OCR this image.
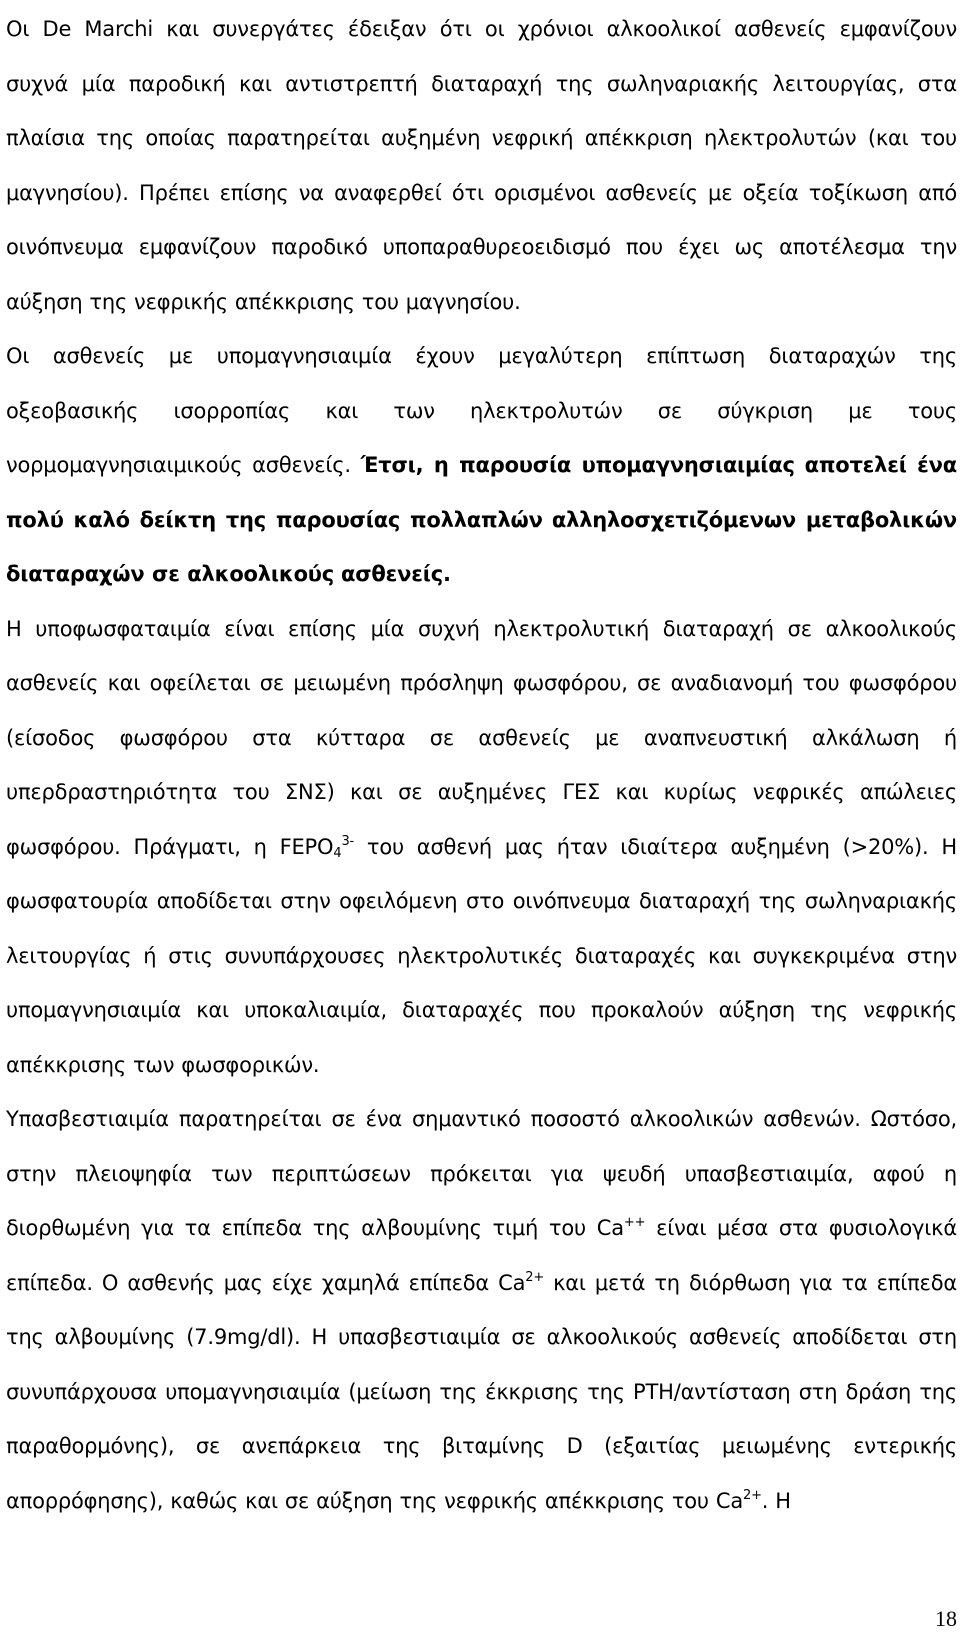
Οι De Marchi και συνεργάτες έδειξαν ότι οι χρόνιοι αλκοολικοί ασθενείς εμφανίζουν συχνά μία παροδική και αντιστρεπτή διαταραχή της σωληναριακής λειτουργίας, στα πλαίσια της οποίας παρατηρείται αυξημένη νεφρική απέκκριση ηλεκτρολυτών (και του μαγνησίου). Πρέπει επίσης να αναφερθεί ότι ορισμένοι ασθενείς με οξεία τοξίκωση από οινόπνευμα εμφανίζουν παροδικό υποπαραθυρεοειδισμό που έχει ως αποτέλεσμα την αύξηση της νεφρικής απέκκρισης του μαγνησίου.

Οι ασθενείς με υπομαγνησιαιμία έχουν μεγαλύτερη επίπτωση διαταραχών της οξεοβασικής ισορροπίας και των ηλεκτρολυτών σε σύγκριση με τους νορμομαγνησιαιμικούς ασθενείς. Έτσι, η παρουσία υπομαγνησιαιμίας αποτελεί ένα πολύ καλό δείκτη της παρουσίας πολλαπλών αλληλοσχετιζόμενων μεταβολικών διαταραχών σε αλκοολικούς ασθενείς.

Η υποφωσφαταιμία είναι επίσης μία συχνή ηλεκτρολυτική διαταραχή σε αλκοολικούς ασθενείς και οφείλεται σε μειωμένη πρόσληψη φωσφόρου, σε αναδιανομή του φωσφόρου (είσοδος φωσφόρου στα κύτταρα σε ασθενείς με αναπνευστική αλκάλωση ή υπερδραστηριότητα του ΣΝΣ) και σε αυξημένες ΓΕΣ και κυρίως νεφρικές απώλειες φωσφόρου. Πράγματι, η $FEPO_4^{3-}$ του ασθενή μας ήταν ιδιαίτερα αυξημένη (>20%). Η φωσφατουρία αποδίδεται στην οφειλόμενη στο οινόπνευμα διαταραχή της σωληναριακής λειτουργίας ή στις συνυπάρχουσες ηλεκτρολυτικές διαταραχές και συγκεκριμένα στην υπομαγνησιαιμία και υποκαλιαιμία, διαταραχές που προκαλούν αύξηση της νεφρικής απέκκρισης των φωσφορικών.

Υπασβεστιαιμία παρατηρείται σε ένα σημαντικό ποσοστό αλκοολικών ασθενών. Ωστόσο, στην πλειοψηφία των περιπτώσεων πρόκειται για ψευδή υπασβεστιαιμία, αφού η διορθωμένη για τα επίπεδα της αλβουμίνης τιμή του Ca++ είναι μέσα στα φυσιολογικά επίπεδα. Ο ασθενής μας είχε χαμηλά επίπεδα $Ca^{2+}$ και μετά τη διόρθωση για τα επίπεδα της αλβουμίνης (7.9mg/dl). Η υπασβεστιαιμία σε αλκοολικούς ασθενείς αποδίδεται στη συνυπάρχουσα υπομαγνησιαιμία (μείωση της έκκρισης της PTH/αντίσταση στη δράση της παραθορμόνης), σε ανεπάρκεια της βιταμίνης D (εξαιτίας μειωμένης εντερικής απορρόφησης), καθώς και σε αύξηση της νεφρικής απέκκρισης του $Ca^{2+}$. Η

18
